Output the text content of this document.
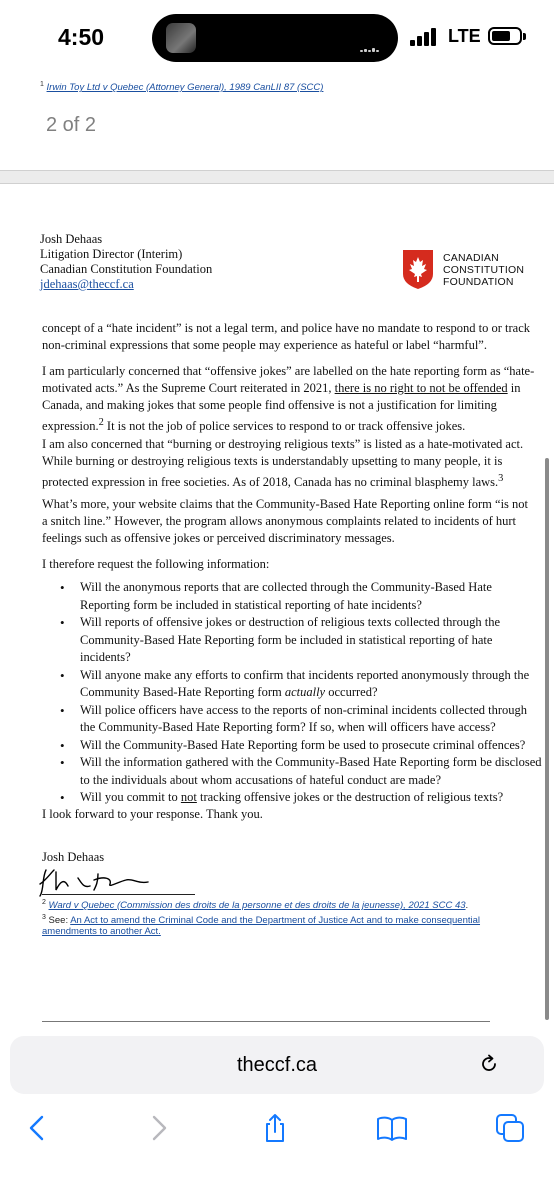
4:50	LTE
$^1$ Irwin Toy Ltd v Quebec (Attorney General), 1989 CanLII 87 (SCC)
2 of 2
Josh Dehaas
Litigation Director (Interim)
Canadian Constitution Foundation
jdehaas@theccf.ca
CANADIAN
CONSTITUTION
FOUNDATION

concept of a “hate incident” is not a legal term, and police have no mandate to respond to or track non-criminal expressions that some people may experience as hateful or label “harmful”.

I am particularly concerned that “offensive jokes” are labelled on the hate reporting form as “hate-motivated acts.” As the Supreme Court reiterated in 2021, there is no right to not be offended in Canada, and making jokes that some people find offensive is not a justification for limiting expression.$^2$ It is not the job of police services to respond to or track offensive jokes.

I am also concerned that “burning or destroying religious texts” is listed as a hate-motivated act. While burning or destroying religious texts is understandably upsetting to many people, it is protected expression in free societies. As of 2018, Canada has no criminal blasphemy laws.$^3$

What’s more, your website claims that the Community-Based Hate Reporting online form “is not a snitch line.” However, the program allows anonymous complaints related to incidents of hurt feelings such as offensive jokes or perceived discriminatory messages.

I therefore request the following information:

• Will the anonymous reports that are collected through the Community-Based Hate Reporting form be included in statistical reporting of hate incidents?
• Will reports of offensive jokes or destruction of religious texts collected through the Community-Based Hate Reporting form be included in statistical reporting of hate incidents?
• Will anyone make any efforts to confirm that incidents reported anonymously through the Community Based-Hate Reporting form actually occurred?
• Will police officers have access to the reports of non-criminal incidents collected through the Community-Based Hate Reporting form? If so, when will officers have access?
• Will the Community-Based Hate Reporting form be used to prosecute criminal offences?
• Will the information gathered with the Community-Based Hate Reporting form be disclosed to the individuals about whom accusations of hateful conduct are made?
• Will you commit to not tracking offensive jokes or the destruction of religious texts?

I look forward to your response. Thank you.

Josh Dehaas
$^2$ Ward v Quebec (Commission des droits de la personne et des droits de la jeunesse), 2021 SCC 43.
$^3$ See: An Act to amend the Criminal Code and the Department of Justice Act and to make consequential amendments to another Act.
theccf.ca
